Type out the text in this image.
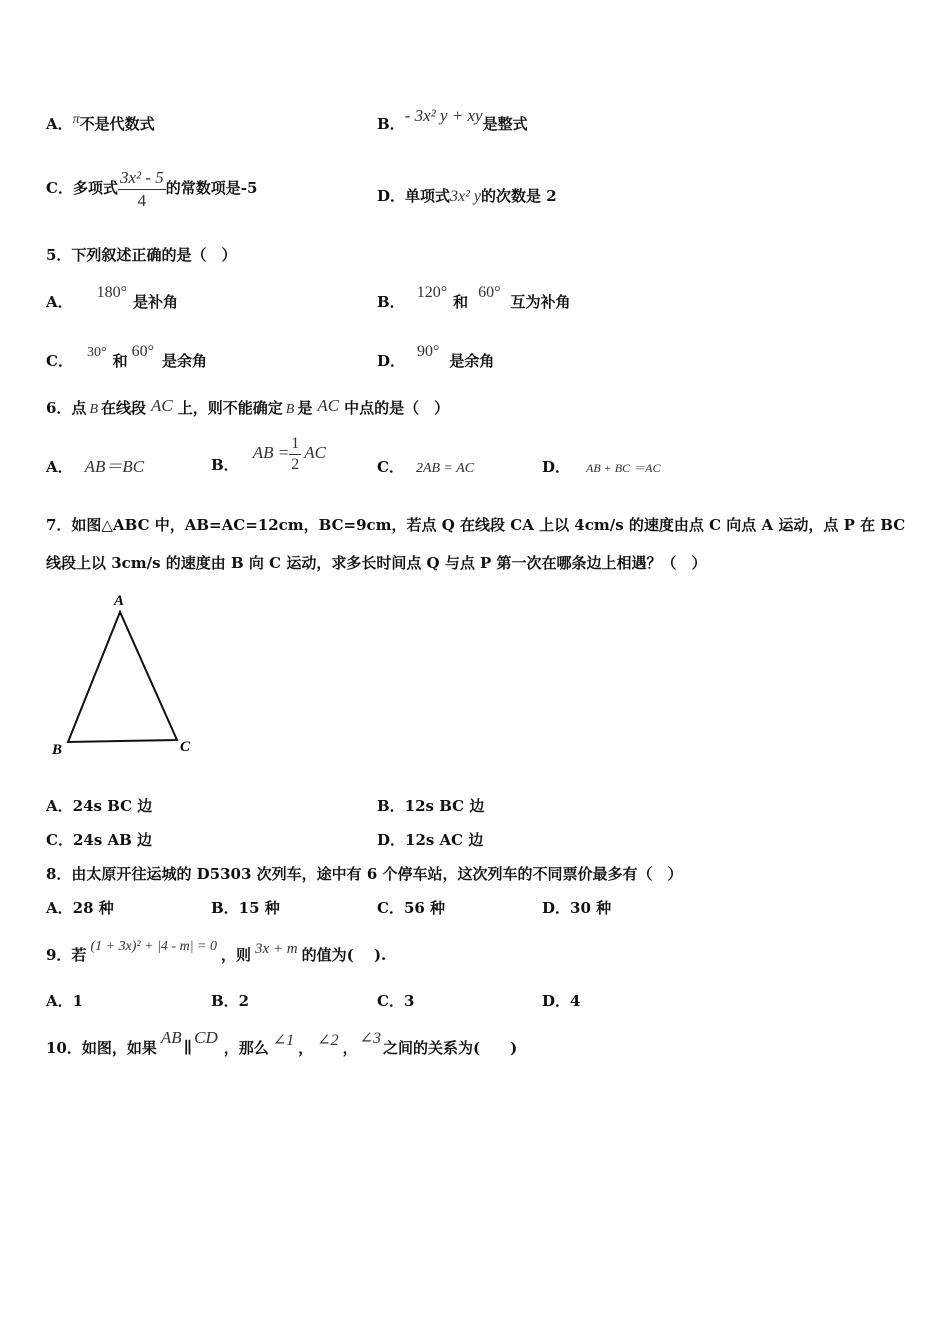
A．π不是代数式	B．- 3x² y + xy是整式
C．多项式 $\frac{\text{3x² - 5}}{4}$ 的常数项是-5	D．单项式3x² y的次数是 2
5．下列叙述正确的是（　）
A．180°是补角	B．120°和60°互为补角
C． 30° 和60°是余角	D．90°是余角
6．点 B 在线段 AC 上，则不能确定 B 是 AC 中点的是（　）
A． AB＝BC	B．AB = $\frac{1}{2}$ AC
C． 2AB = AC	D． AB + BC ＝AC
7．如图△ABC 中，AB=AC=12cm，BC=9cm，若点 Q 在线段 CA 上以 4cm/s 的速度由点 C 向点 A 运动，点 P 在 BC
线段上以 3cm/s 的速度由 B 向 C 运动，求多长时间点 Q 与点 P 第一次在哪条边上相遇？（　）
A
B	C
A．24s BC 边	B．12s BC 边
C．24s AB 边	D．12s AC 边
8．由太原开往运城的 D5303 次列车，途中有 6 个停车站，这次列车的不同票价最多有（　）
A．28 种	B．15 种	C．56 种	D．30 种
9．若 (1 + 3x)² + |4 - m| = 0 ，则 3x + m 的值为(　 ).
A．1	B．2	C．3	D．4
10．如图，如果AB∥CD，那么 ∠1 ， ∠2 ，∠3之间的关系为(　　)
